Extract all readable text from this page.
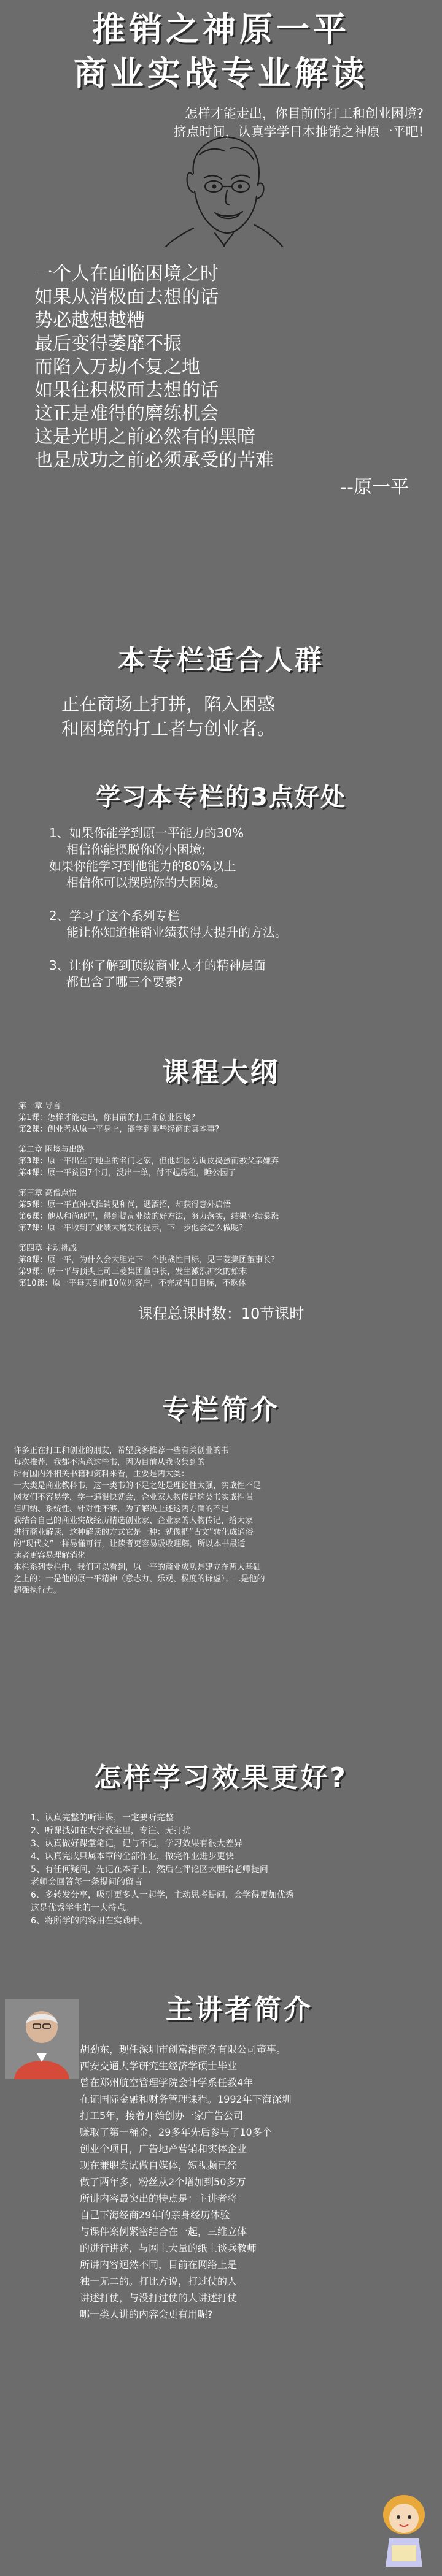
推销之神原一平
商业实战专业解读
怎样才能走出，你目前的打工和创业困境?
挤点时间，认真学学日本推销之神原一平吧!

一个人在面临困境之时

如果从消极面去想的话

势必越想越糟

最后变得萎靡不振

而陷入万劫不复之地

如果往积极面去想的话

这正是难得的磨练机会

这是光明之前必然有的黑暗

也是成功之前必须承受的苦难

--原一平

本专栏适合人群
正在商场上打拼，陷入困惑
和困境的打工者与创业者。
学习本专栏的3点好处

1、如果你能学到原一平能力的30%

相信你能摆脱你的小困境;

如果你能学习到他能力的80%以上

相信你可以摆脱你的大困境。

2、学习了这个系列专栏

能让你知道推销业绩获得大提升的方法。

3、让你了解到顶级商业人才的精神层面

都包含了哪三个要素?

课程大纲

第一章 导言

第1课：怎样才能走出，你目前的打工和创业困境?

第2课：创业者从原一平身上，能学到哪些经商的真本事?

第二章 困境与出路

第3课：原一平出生于地主的名门之家，但他却因为调皮捣蛋而被父亲嫌弃

第4课：原一平贫困7个月，没出一单，付不起房租，睡公园了

第三章 高僧点悟

第5课：原一平直冲式推销见和尚，遇酒招，却获得意外启悟

第6课：他从和尚那里，得到提高业绩的好方法，努力落实，结果业绩暴涨

第7课：原一平收到了业绩大增发的提示，下一步他会怎么做呢?

第四章 主动挑战

第8课：原一平，为什么会大胆定下一个挑战性目标，见三菱集团董事长?

第9课：原一平与顶头上司三菱集团董事长，发生激烈冲突的始末

第10课：原一平每天到前10位见客户，不完成当日目标，不返休

课程总课时数：10节课时
专栏简介

许多正在打工和创业的朋友，希望我多推荐一些有关创业的书

每次推荐，我都不满意这些书，因为目前从我收集到的

所有国内外相关书籍和资料来看，主要是两大类：

一大类是商业教科书，这一类书的不足之处是理论性太强，实战性不足

网友们不容易学，学一遍很快就会，企业家人物传记这类书实战性强

但归纳、系统性、针对性不够，为了解决上述这两方面的不足

我结合自己的商业实战经历精选创业家、企业家的人物传记，给大家

进行商业解读，这种解读的方式它是一种：就像把“古文”转化成通俗

的“现代文”一样易懂可行，让读者更容易吸收理解，所以本书最适

读者更容易理解消化

本栏系列专栏中，我们可以看到，原一平的商业成功是建立在两大基础

之上的：一是他的原一平精神（意志力、乐观、极度的谦虚）；二是他的

超强执行力。

怎样学习效果更好?

1、认真完整的听讲课，一定要听完整

2、听课找如在大学教室里，专注、无打扰

3、认真做好课堂笔记，记与不记，学习效果有很大差异

4、认真完成只属本章的全部作业，做完作业进步更快

5、有任何疑问，先记在本子上，然后在评论区大胆给老师提问

老师会回答每一条提问的留言

6、多转发分享，吸引更多人一起学，主动思考提问，会学得更加优秀

这是优秀学生的一大特点。

6、将所学的内容用在实践中。

主讲者简介

胡劲东，现任深圳市创富港商务有限公司董事。

西安交通大学研究生经济学硕士毕业

曾在郑州航空管理学院会计学系任教4年

在证国际金融和财务管理课程。1992年下海深圳

打工5年，接着开始创办一家广告公司

赚取了第一桶金，29多年先后参与了10多个

创业个项目，广告地产营销和实体企业

现在兼职尝试做自媒体，短视频已经

做了两年多，粉丝从2个增加到50多万

所讲内容最突出的特点是：主讲者将

自己下海经商29年的亲身经历体验

与课件案例紧密结合在一起，三维立体

的进行讲述，与网上大量的纸上谈兵教师

所讲内容迥然不同，目前在网络上是

独一无二的。打比方说，打过仗的人

讲述打仗，与没打过仗的人讲述打仗

哪一类人讲的内容会更有用呢?
